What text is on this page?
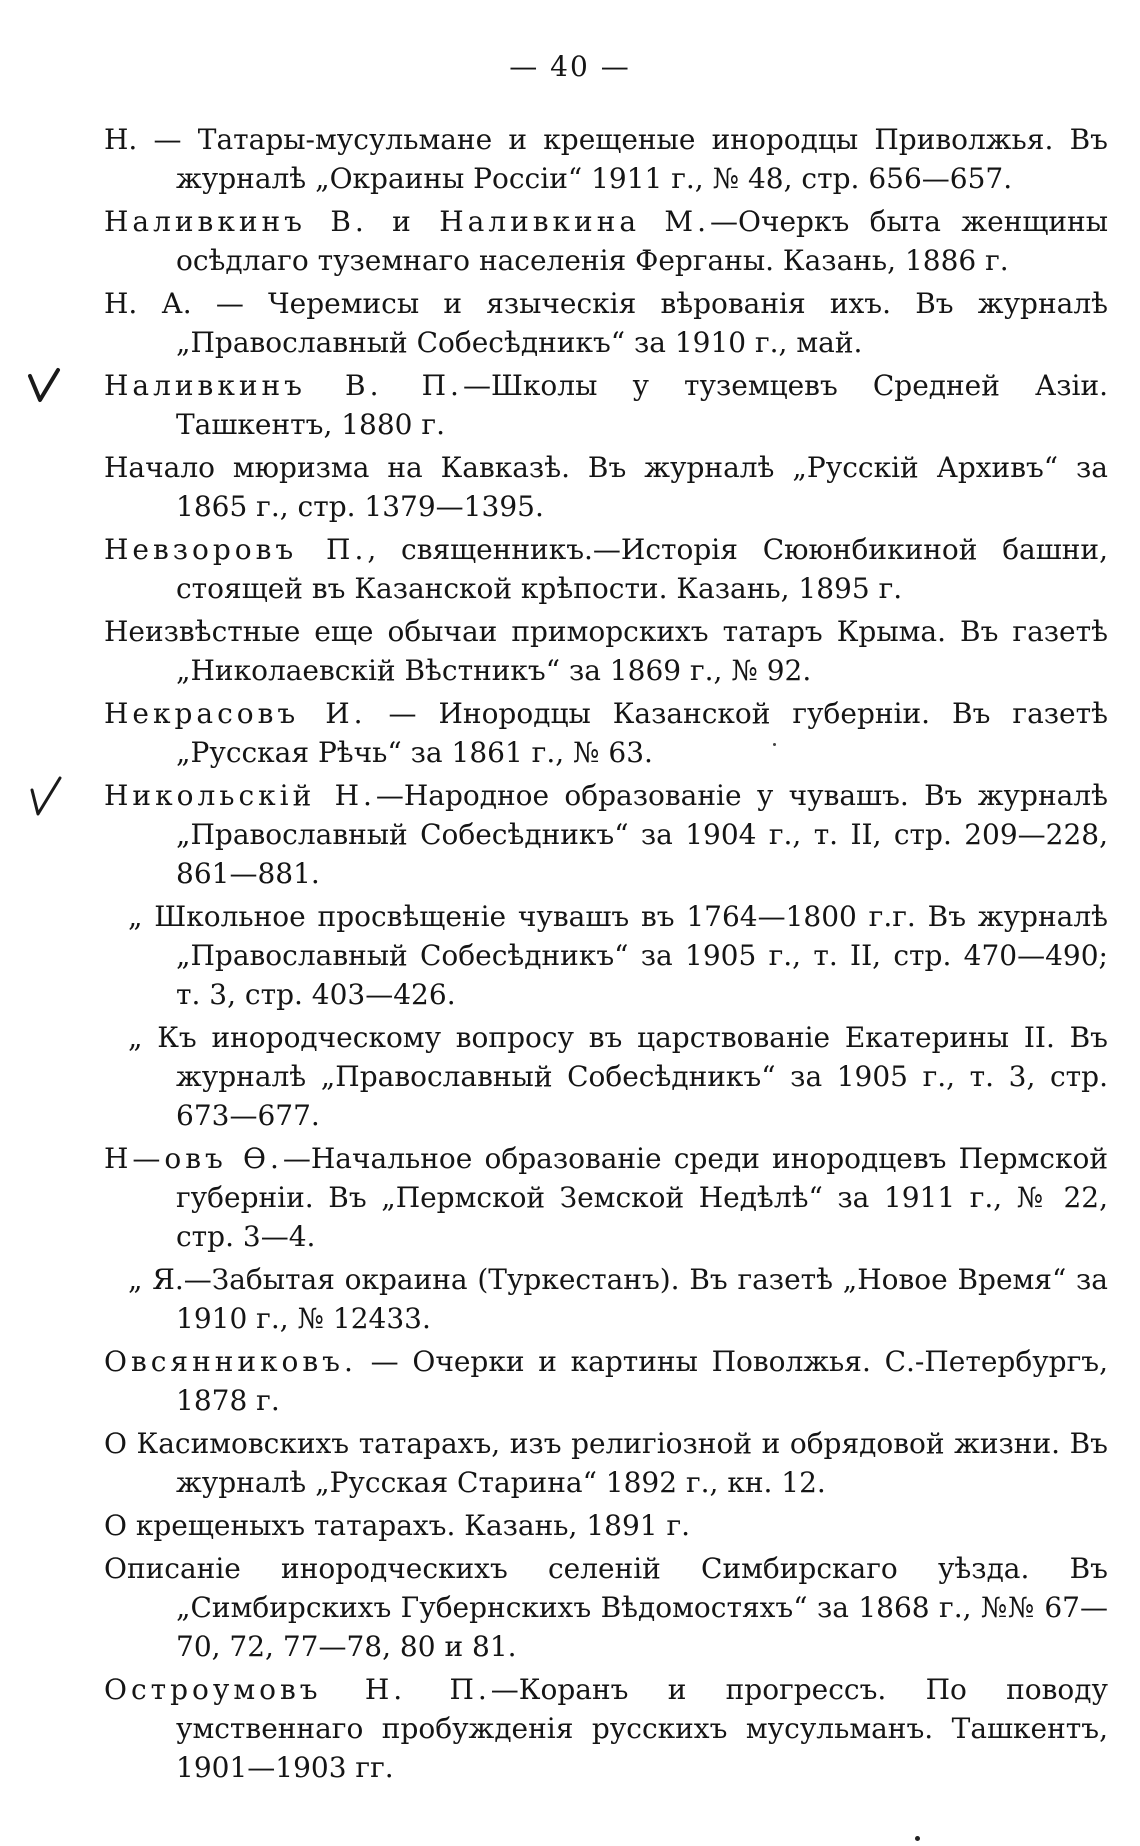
— 40 —
Н. — Татары-мусульмане и крещеные инородцы Приволжья. Въ журналѣ „Окраины Россіи“ 1911 г., № 48, стр. 656—657.
Наливкинъ В. и Наливкина М.—Очеркъ быта женщины осѣдлаго туземнаго населенія Ферганы. Казань, 1886 г.
Н. А. — Черемисы и языческія вѣрованія ихъ. Въ журналѣ „Православный Собесѣдникъ“ за 1910 г., май.
Наливкинъ В. П.—Школы у туземцевъ Средней Азіи. Ташкентъ, 1880 г.
Начало мюризма на Кавказѣ. Въ журналѣ „Русскій Архивъ“ за 1865 г., стр. 1379—1395.
Невзоровъ П., священникъ.—Исторія Сююнбикиной башни, стоящей въ Казанской крѣпости. Казань, 1895 г.
Неизвѣстные еще обычаи приморскихъ татаръ Крыма. Въ газетѣ „Николаевскій Вѣстникъ“ за 1869 г., № 92.
Некрасовъ И. — Инородцы Казанской губерніи. Въ газетѣ „Русская Рѣчь“ за 1861 г., № 63.
Никольскій Н.—Народное образованіе у чувашъ. Въ журналѣ „Православный Собесѣдникъ“ за 1904 г., т. II, стр. 209—228, 861—881.
„ Школьное просвѣщеніе чувашъ въ 1764—1800 г.г. Въ журналѣ „Православный Собесѣдникъ“ за 1905 г., т. II, стр. 470—490; т. 3, стр. 403—426.
„ Къ инородческому вопросу въ царствованіе Екатерины II. Въ журналѣ „Православный Собесѣдникъ“ за 1905 г., т. 3, стр. 673—677.
Н—овъ Ѳ.—Начальное образованіе среди инородцевъ Пермской губерніи. Въ „Пермской Земской Недѣлѣ“ за 1911 г., № 22, стр. 3—4.
„ Я.—Забытая окраина (Туркестанъ). Въ газетѣ „Новое Время“ за 1910 г., № 12433.
Овсянниковъ. — Очерки и картины Поволжья. С.-Петербургъ, 1878 г.
О Касимовскихъ татарахъ, изъ религіозной и обрядовой жизни. Въ журналѣ „Русская Старина“ 1892 г., кн. 12.
О крещеныхъ татарахъ. Казань, 1891 г.
Описаніе инородческихъ селеній Симбирскаго уѣзда. Въ „Симбирскихъ Губернскихъ Вѣдомостяхъ“ за 1868 г., №№ 67—70, 72, 77—78, 80 и 81.
Остроумовъ Н. П.—Коранъ и прогрессъ. По поводу умственнаго пробужденія русскихъ мусульманъ. Ташкентъ, 1901—1903 гг.
